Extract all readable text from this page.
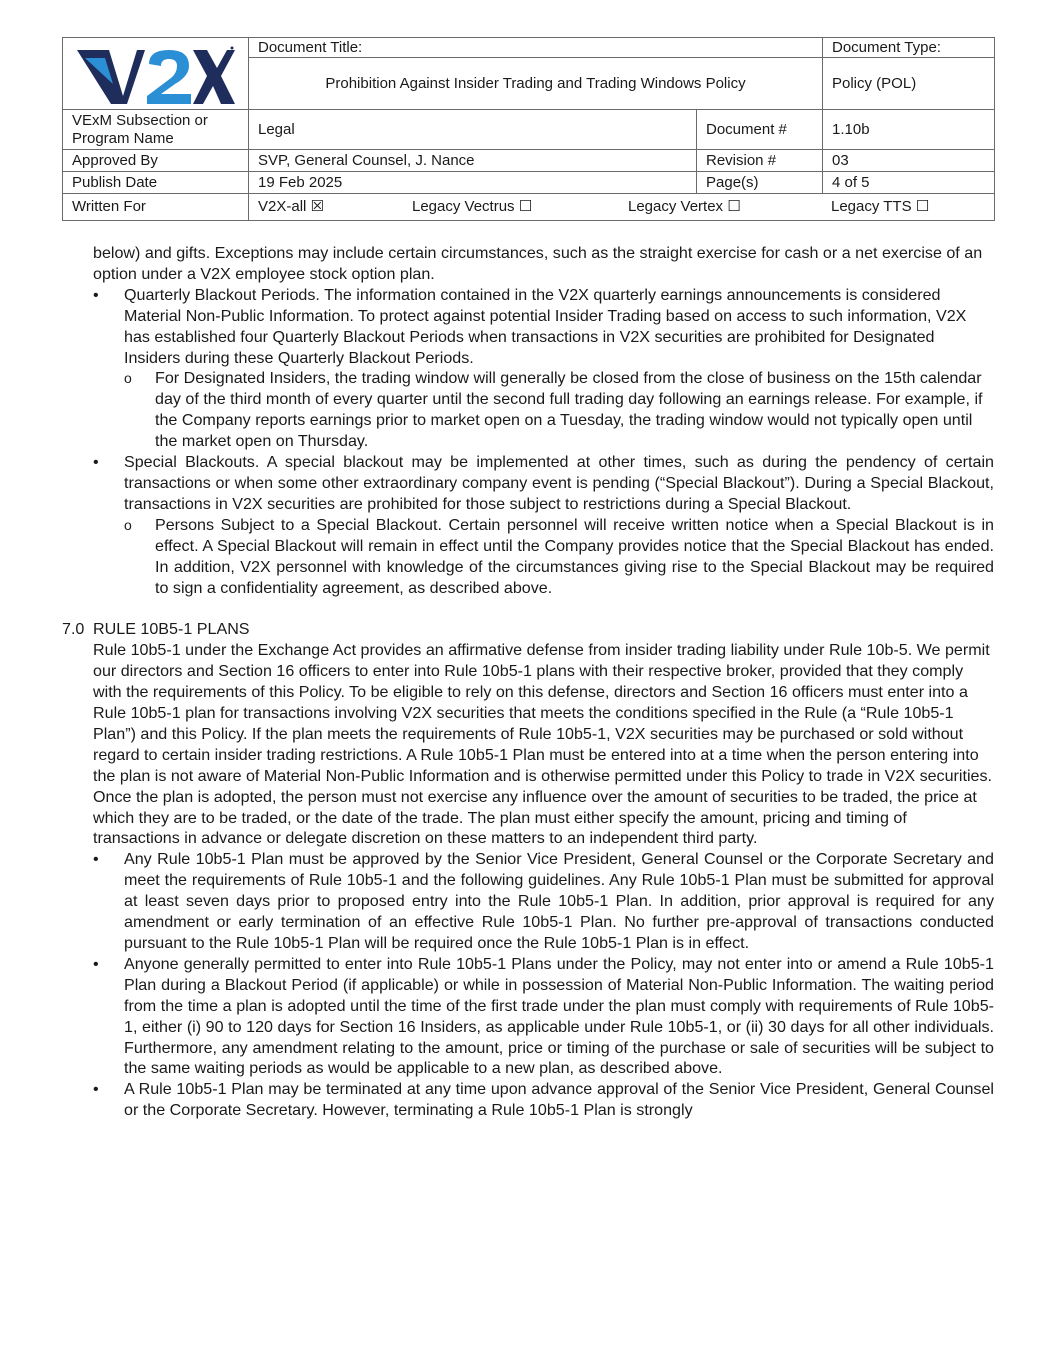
	Document Title:		Document Type:
	Prohibition Against Insider Trading and Trading Windows Policy		Policy (POL)
VExM Subsection or Program Name	Legal	Document #	1.10b
Approved By	SVP, General Counsel, J. Nance	Revision #	03
Publish Date	19 Feb 2025	Page(s)	4 of 5
Written For	V2X-all ☒ Legacy Vectrus ☐ Legacy Vertex ☐ Legacy TTS ☐		

below) and gifts. Exceptions may include certain circumstances, such as the straight exercise for cash or a net exercise of an option under a V2X employee stock option plan.

• Quarterly Blackout Periods. The information contained in the V2X quarterly earnings announcements is considered Material Non-Public Information. To protect against potential Insider Trading based on access to such information, V2X has established four Quarterly Blackout Periods when transactions in V2X securities are prohibited for Designated Insiders during these Quarterly Blackout Periods.
o For Designated Insiders, the trading window will generally be closed from the close of business on the 15th calendar day of the third month of every quarter until the second full trading day following an earnings release. For example, if the Company reports earnings prior to market open on a Tuesday, the trading window would not typically open until the market open on Thursday.
• Special Blackouts. A special blackout may be implemented at other times, such as during the pendency of certain transactions or when some other extraordinary company event is pending (“Special Blackout”). During a Special Blackout, transactions in V2X securities are prohibited for those subject to restrictions during a Special Blackout.
o Persons Subject to a Special Blackout. Certain personnel will receive written notice when a Special Blackout is in effect. A Special Blackout will remain in effect until the Company provides notice that the Special Blackout has ended. In addition, V2X personnel with knowledge of the circumstances giving rise to the Special Blackout may be required to sign a confidentiality agreement, as described above.
7.0 RULE 10B5-1 PLANS

Rule 10b5-1 under the Exchange Act provides an affirmative defense from insider trading liability under Rule 10b-5. We permit our directors and Section 16 officers to enter into Rule 10b5-1 plans with their respective broker, provided that they comply with the requirements of this Policy. To be eligible to rely on this defense, directors and Section 16 officers must enter into a Rule 10b5-1 plan for transactions involving V2X securities that meets the conditions specified in the Rule (a “Rule 10b5-1 Plan”) and this Policy. If the plan meets the requirements of Rule 10b5-1, V2X securities may be purchased or sold without regard to certain insider trading restrictions. A Rule 10b5-1 Plan must be entered into at a time when the person entering into the plan is not aware of Material Non-Public Information and is otherwise permitted under this Policy to trade in V2X securities. Once the plan is adopted, the person must not exercise any influence over the amount of securities to be traded, the price at which they are to be traded, or the date of the trade. The plan must either specify the amount, pricing and timing of transactions in advance or delegate discretion on these matters to an independent third party.

• Any Rule 10b5-1 Plan must be approved by the Senior Vice President, General Counsel or the Corporate Secretary and meet the requirements of Rule 10b5-1 and the following guidelines. Any Rule 10b5-1 Plan must be submitted for approval at least seven days prior to proposed entry into the Rule 10b5-1 Plan. In addition, prior approval is required for any amendment or early termination of an effective Rule 10b5-1 Plan. No further pre-approval of transactions conducted pursuant to the Rule 10b5-1 Plan will be required once the Rule 10b5-1 Plan is in effect.
• Anyone generally permitted to enter into Rule 10b5-1 Plans under the Policy, may not enter into or amend a Rule 10b5-1 Plan during a Blackout Period (if applicable) or while in possession of Material Non-Public Information. The waiting period from the time a plan is adopted until the time of the first trade under the plan must comply with requirements of Rule 10b5-1, either (i) 90 to 120 days for Section 16 Insiders, as applicable under Rule 10b5-1, or (ii) 30 days for all other individuals. Furthermore, any amendment relating to the amount, price or timing of the purchase or sale of securities will be subject to the same waiting periods as would be applicable to a new plan, as described above.
• A Rule 10b5-1 Plan may be terminated at any time upon advance approval of the Senior Vice President, General Counsel or the Corporate Secretary. However, terminating a Rule 10b5-1 Plan is strongly
